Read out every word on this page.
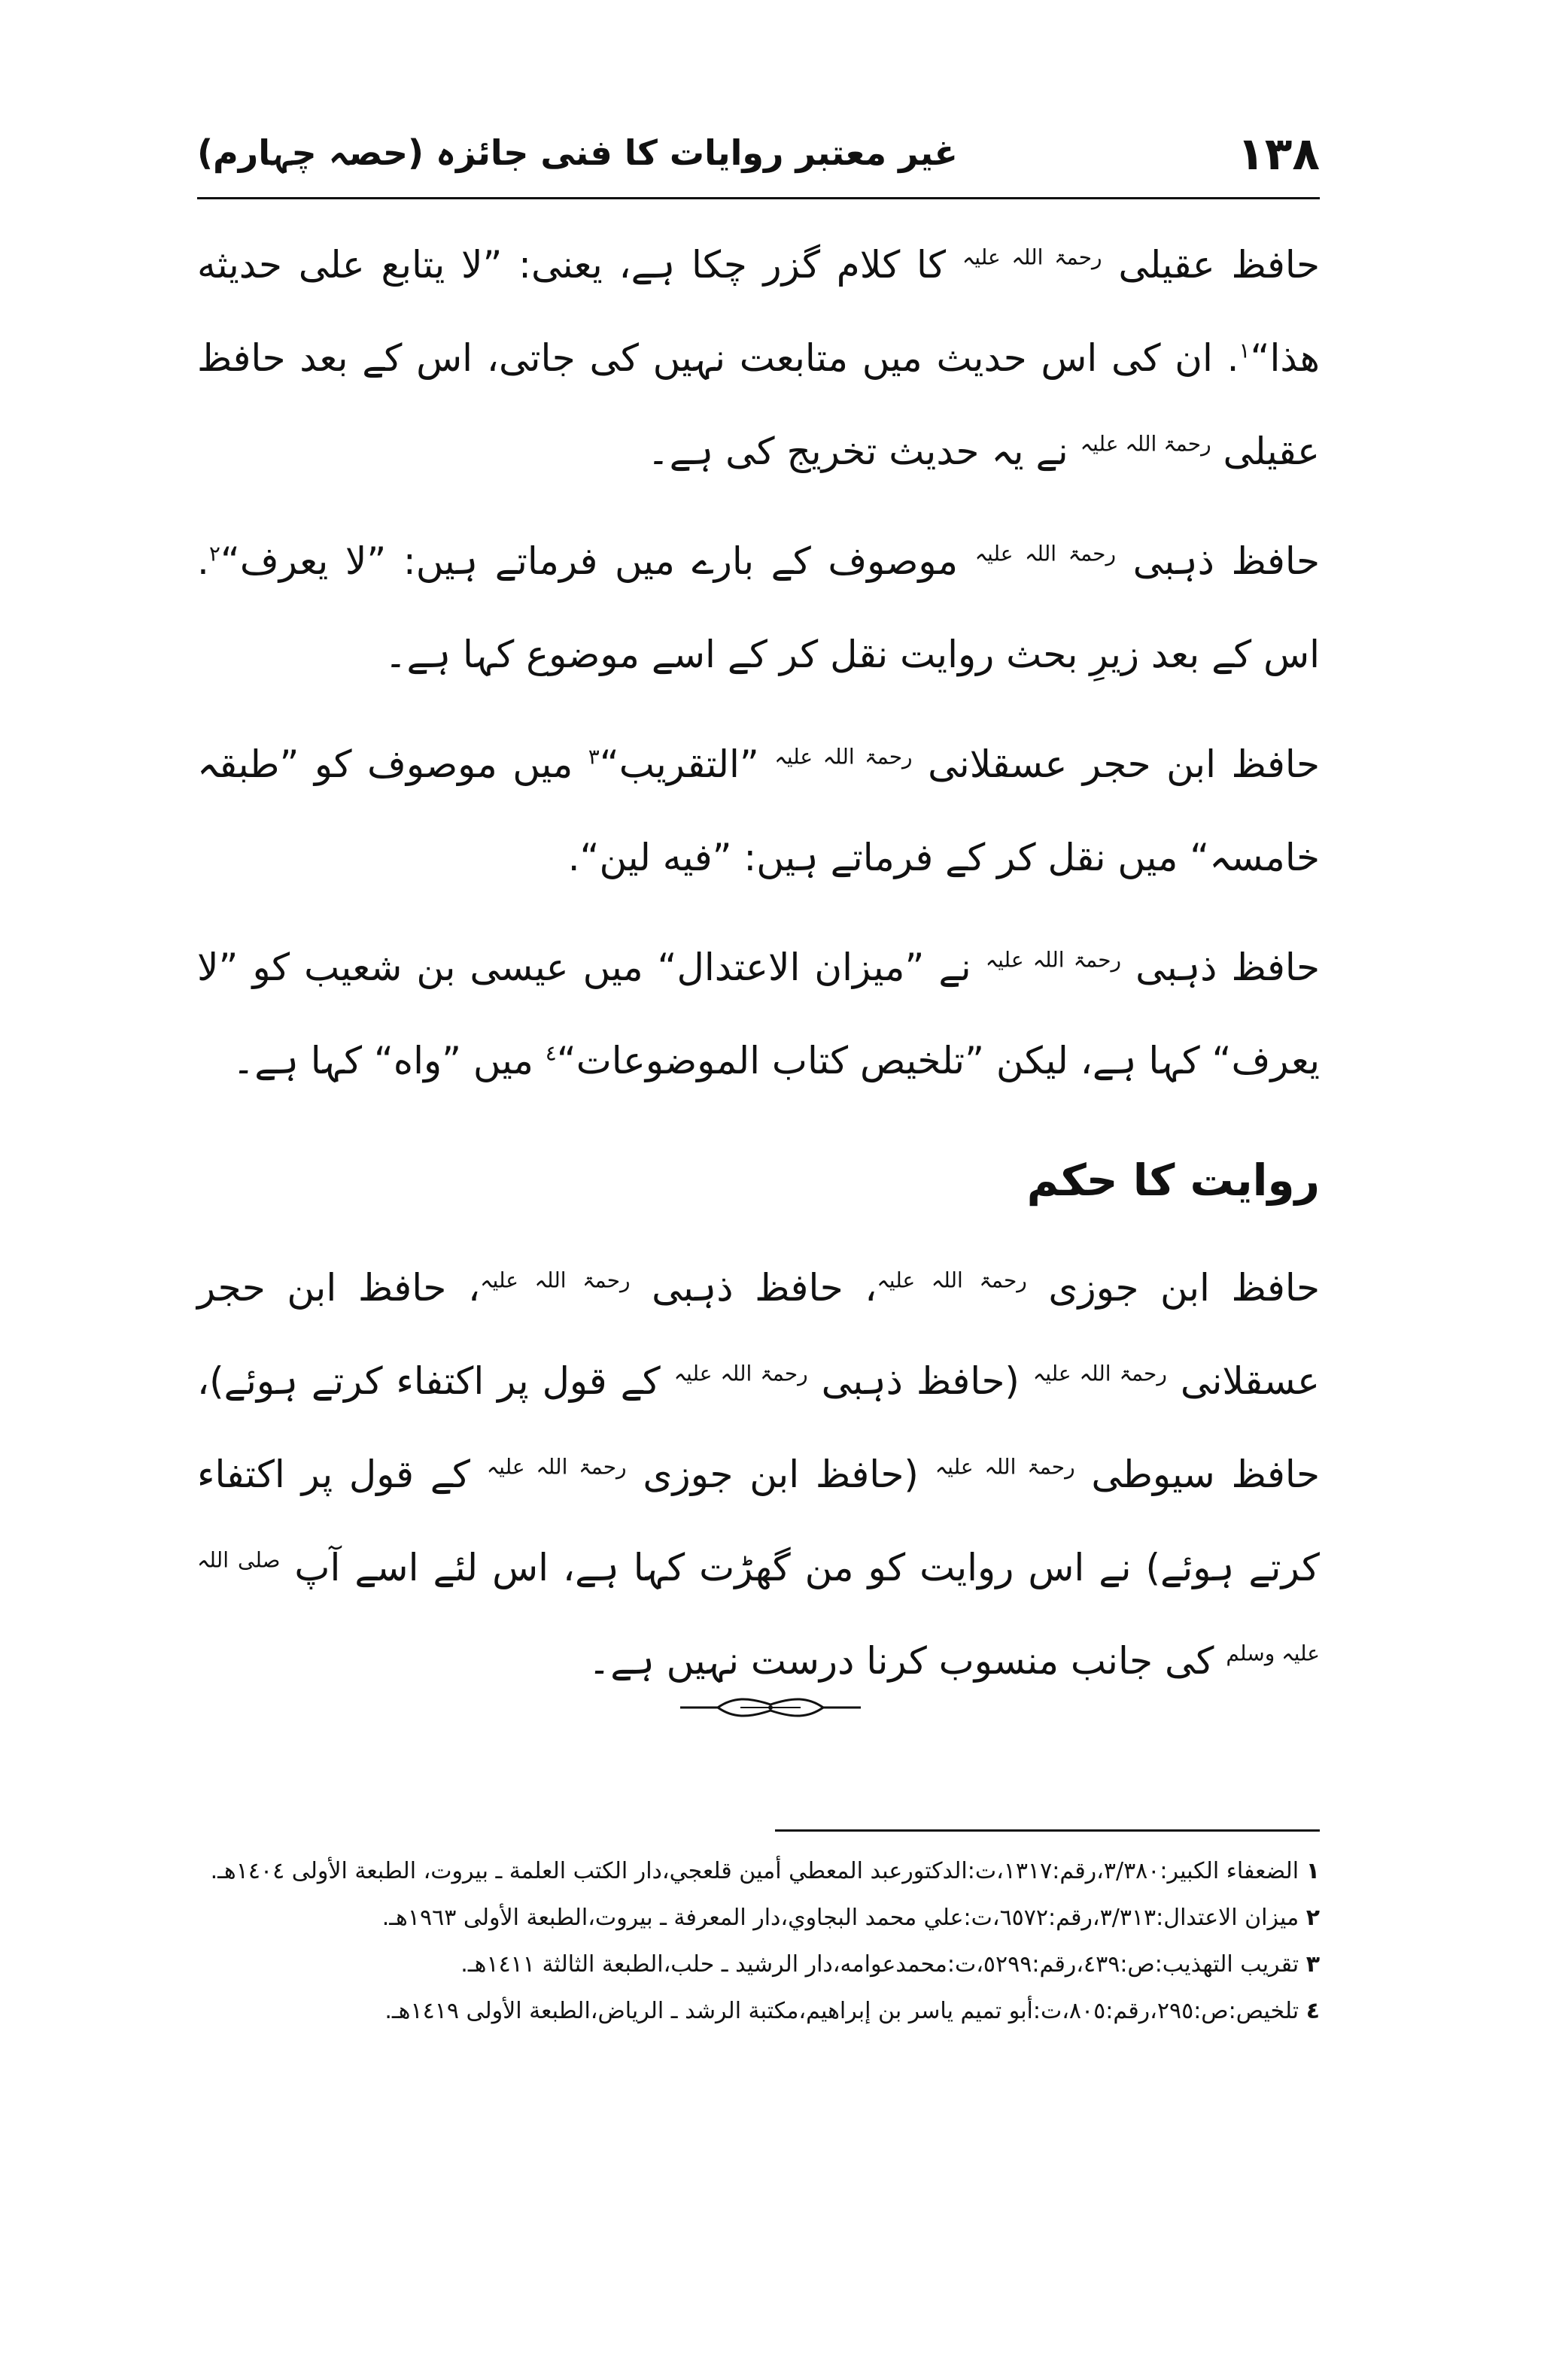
١٣٨
غیر معتبر روایات کا فنی جائزہ (حصہ چہارم)

حافظ عقیلی $^{رحمۃ اللہ علیہ}$ کا کلام گزر چکا ہے، یعنی: ”لا يتابع على حديثه هذا“$^١$. ان کی اس حدیث میں متابعت نہیں کی جاتی، اس کے بعد حافظ عقیلی $^{رحمۃ اللہ علیہ}$ نے یہ حدیث تخریج کی ہے۔

حافظ ذہبی $^{رحمۃ اللہ علیہ}$ موصوف کے بارے میں فرماتے ہیں: ”لا يعرف“$^٢$. اس کے بعد زیرِ بحث روایت نقل کر کے اسے موضوع کہا ہے۔

حافظ ابن حجر عسقلانی $^{رحمۃ اللہ علیہ}$ ”التقريب“$^٣$ میں موصوف کو ”طبقہ خامسہ“ میں نقل کر کے فرماتے ہیں: ”فيه لين“.

حافظ ذہبی $^{رحمۃ اللہ علیہ}$ نے ”ميزان الاعتدال“ میں عیسی بن شعیب کو ”لا یعرف“ کہا ہے، لیکن ”تلخيص كتاب الموضوعات“$^٤$ میں ”واه“ کہا ہے۔

روایت کا حکم

حافظ ابن جوزی $^{رحمۃ اللہ علیہ}$، حافظ ذہبی $^{رحمۃ اللہ علیہ}$، حافظ ابن حجر عسقلانی $^{رحمۃ اللہ علیہ}$ (حافظ ذہبی $^{رحمۃ اللہ علیہ}$ کے قول پر اکتفاء کرتے ہوئے)، حافظ سیوطی $^{رحمۃ اللہ علیہ}$ (حافظ ابن جوزی $^{رحمۃ اللہ علیہ}$ کے قول پر اکتفاء کرتے ہوئے) نے اس روایت کو من گھڑت کہا ہے، اس لئے اسے آپ $^{صلی اللہ علیہ وسلم}$ کی جانب منسوب کرنا درست نہیں ہے۔

١ الضعفاء الكبير:٣/٣٨٠،رقم:١٣١٧،ت:الدكتورعبد المعطي أمين قلعجي،دار الكتب العلمة ـ بيروت، الطبعة الأولى ١٤٠٤هـ.
٢ ميزان الاعتدال:٣/٣١٣،رقم:٦٥٧٢،ت:علي محمد البجاوي،دار المعرفة ـ بيروت،الطبعة الأولى ١٩٦٣هـ.
٣ تقريب التهذيب:ص:٤٣٩،رقم:٥٢٩٩،ت:محمدعوامه،دار الرشيد ـ حلب،الطبعة الثالثة ١٤١١هـ.
٤ تلخيص:ص:٢٩٥،رقم:٨٠٥،ت:أبو تميم ياسر بن إبراهيم،مكتبة الرشد ـ الرياض،الطبعة الأولى ١٤١٩هـ.
